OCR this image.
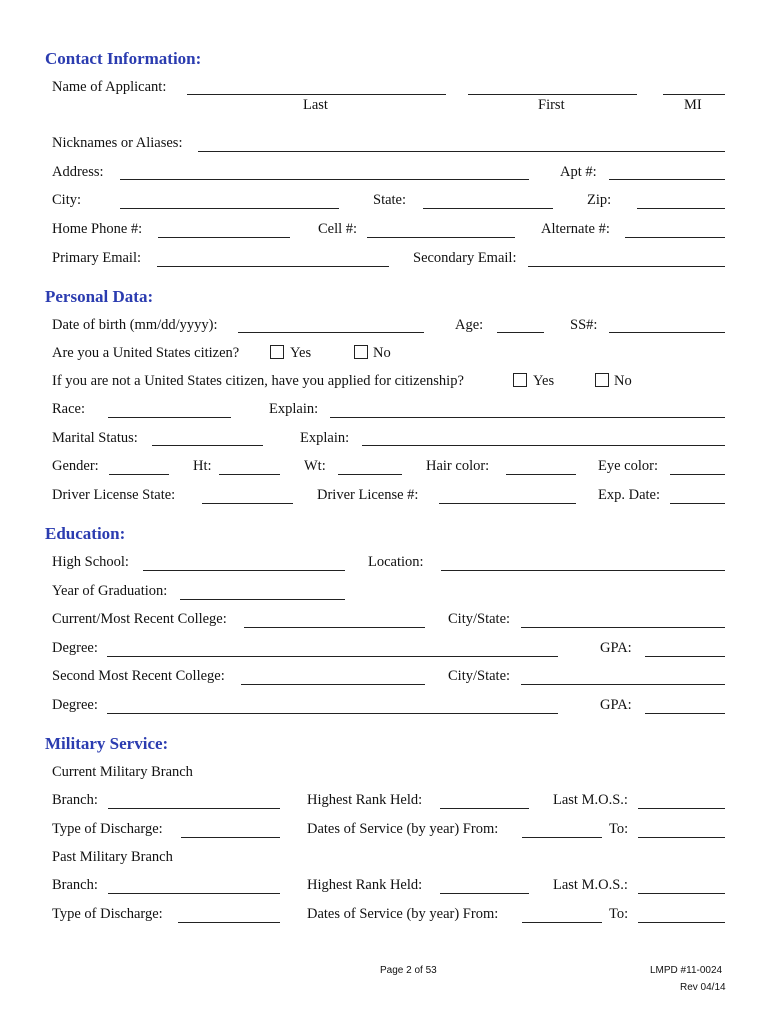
Contact Information:
Name of Applicant:
Last	First	MI
Nicknames or Aliases:
Address:	Apt #:
City:	State:	Zip:
Home Phone #:	Cell #:	Alternate #:
Primary Email:	Secondary Email:
Personal Data:
Date of birth (mm/dd/yyyy):	Age:	SS#:
Are you a United States citizen?	Yes	No
If you are not a United States citizen, have you applied for citizenship?	Yes	No
Race:	Explain:
Marital Status:	Explain:
Gender:	Ht:	Wt:	Hair color:	Eye color:
Driver License State:	Driver License #:	Exp. Date:
Education:
High School:	Location:
Year of Graduation:
Current/Most Recent College:	City/State:
Degree:	GPA:
Second Most Recent College:	City/State:
Degree:	GPA:
Military Service:
Current Military Branch
Branch:	Highest Rank Held:	Last M.O.S.:
Type of Discharge:	Dates of Service (by year) From:	To:
Past Military Branch
Branch:	Highest Rank Held:	Last M.O.S.:
Type of Discharge:	Dates of Service (by year) From:	To:
Page 2 of 53	LMPD #11-0024
Rev 04/14
